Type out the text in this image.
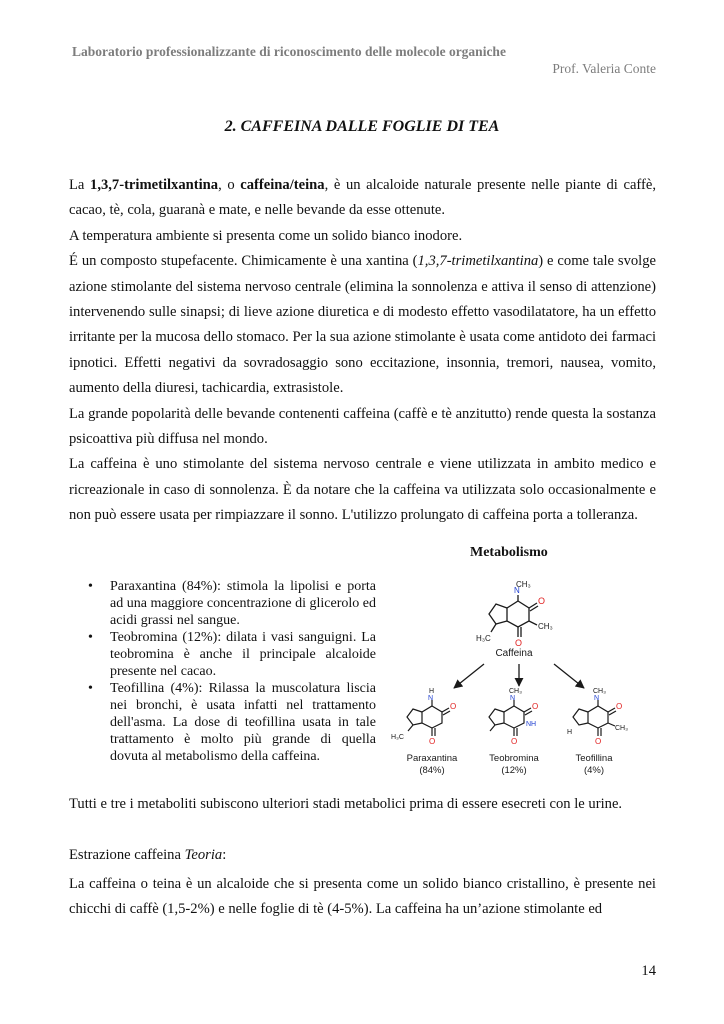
Laboratorio professionalizzante di riconoscimento delle molecole organiche
Prof. Valeria Conte
2. CAFFEINA DALLE FOGLIE DI TEA

La 1,3,7-trimetilxantina, o caffeina/teina, è un alcaloide naturale presente nelle piante di caffè, cacao, tè, cola, guaranà e mate, e nelle bevande da esse ottenute.

A temperatura ambiente si presenta come un solido bianco inodore.

É un composto stupefacente. Chimicamente è una xantina (1,3,7-trimetilxantina) e come tale svolge azione stimolante del sistema nervoso centrale (elimina la sonnolenza e attiva il senso di attenzione) intervenendo sulle sinapsi; di lieve azione diuretica e di modesto effetto vasodilatatore, ha un effetto irritante per la mucosa dello stomaco. Per la sua azione stimolante è usata come antidoto dei farmaci ipnotici. Effetti negativi da sovradosaggio sono eccitazione, insonnia, tremori, nausea, vomito, aumento della diuresi, tachicardia, extrasistole.

La grande popolarità delle bevande contenenti caffeina (caffè e tè anzitutto) rende questa la sostanza psicoattiva più diffusa nel mondo.

La caffeina è uno stimolante del sistema nervoso centrale e viene utilizzata in ambito medico e ricreazionale in caso di sonnolenza. È da notare che la caffeina va utilizzata solo occasionalmente e non può essere usata per rimpiazzare il sonno. L'utilizzo prolungato di caffeina porta a tolleranza.

Metabolismo
• Paraxantina (84%): stimola la lipolisi e porta ad una maggiore concentrazione di glicerolo ed acidi grassi nel sangue.
• Teobromina (12%): dilata i vasi sanguigni. La teobromina è anche il principale alcaloide presente nel cacao.
• Teofillina (4%): Rilassa la muscolatura liscia nei bronchi, è usata infatti nel trattamento dell'asma. La dose di teofillina usata in tale trattamento è molto più grande di quella dovuta al metabolismo della caffeina.
N
CH₃
O
O
CH₃
H₃C
Caffeina
H
N
O
O
H₃C
Paraxantina
(84%)
CH₃
N
O
NH
O
Teobromina
(12%)
CH₃
N
O
CH₃
O
H
Teofillina
(4%)
Tutti e tre i metaboliti subiscono ulteriori stadi metabolici prima di essere esecreti con le urine.
Estrazione caffeina Teoria:
La caffeina o teina è un alcaloide che si presenta come un solido bianco cristallino, è presente nei chicchi di caffè (1,5-2%) e nelle foglie di tè (4-5%). La caffeina ha un’azione stimolante ed
14
